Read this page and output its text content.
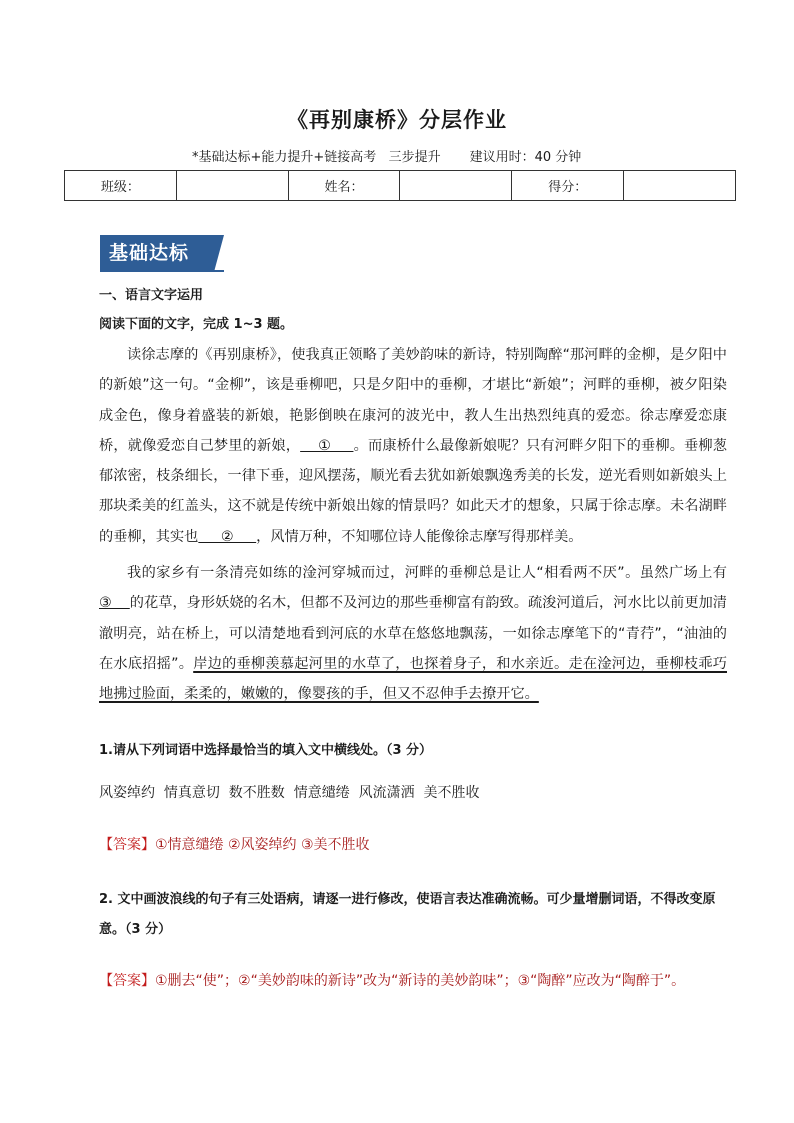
《再别康桥》分层作业
*基础达标+能力提升+链接高考   三步提升       建议用时：40 分钟
班级：		姓名：		得分：	
基础达标
一、语言文字运用
阅读下面的文字，完成 1~3 题。

读徐志摩的《再别康桥》，使我真正领略了美妙韵味的新诗，特别陶醉“那河畔的金柳，是夕阳中的新娘”这一句。“金柳”，该是垂柳吧，只是夕阳中的垂柳，才堪比“新娘”；河畔的垂柳，被夕阳染成金色，像身着盛装的新娘，艳影倒映在康河的波光中，教人生出热烈纯真的爱恋。徐志摩爱恋康桥，就像爱恋自己梦里的新娘，    ①     。而康桥什么最像新娘呢？只有河畔夕阳下的垂柳。垂柳葱郁浓密，枝条细长，一律下垂，迎风摆荡，顺光看去犹如新娘飘逸秀美的长发，逆光看则如新娘头上那块柔美的红盖头，这不就是传统中新娘出嫁的情景吗？如此天才的想象，只属于徐志摩。未名湖畔的垂柳，其实也     ②     ，风情万种，不知哪位诗人能像徐志摩写得那样美。

我的家乡有一条清亮如练的淦河穿城而过，河畔的垂柳总是让人“相看两不厌”。虽然广场上有③    的花草，身形妖娆的名木，但都不及河边的那些垂柳富有韵致。疏浚河道后，河水比以前更加清澈明亮，站在桥上，可以清楚地看到河底的水草在悠悠地飘荡，一如徐志摩笔下的“青荇”，“油油的在水底招摇”。岸边的垂柳羡慕起河里的水草了，也探着身子，和水亲近。走在淦河边，垂柳枝乖巧地拂过脸面，柔柔的，嫩嫩的，像婴孩的手，但又不忍伸手去撩开它。

1.请从下列词语中选择最恰当的填入文中横线处。（3 分）
风姿绰约  情真意切  数不胜数  情意缱绻  风流潇洒  美不胜收
【答案】①情意缱绻 ②风姿绰约 ③美不胜收
2. 文中画波浪线的句子有三处语病，请逐一进行修改，使语言表达准确流畅。可少量增删词语，不得改变原意。（3 分）
【答案】①删去“使”；②“美妙韵味的新诗”改为“新诗的美妙韵味”；③“陶醉”应改为“陶醉于”。
